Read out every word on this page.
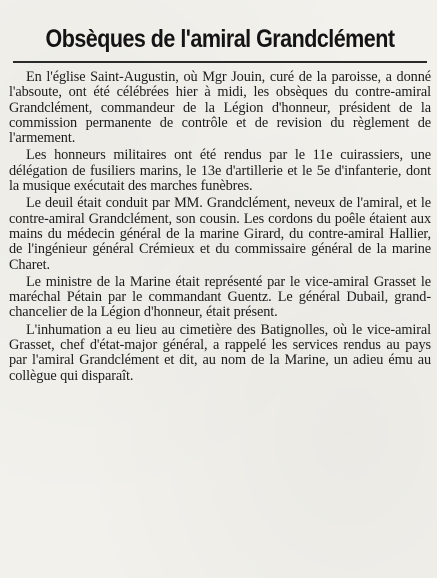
Obsèques de l'amiral Grandclément

En l'église Saint-Augustin, où Mgr Jouin, curé de la paroisse, a donné l'absoute, ont été célébrées hier à midi, les obsèques du contre-amiral Grandclément, commandeur de la Légion d'honneur, président de la commission permanente de contrôle et de revision du règlement de l'armement.

Les honneurs militaires ont été rendus par le 11e cuirassiers, une délégation de fusiliers marins, le 13e d'artillerie et le 5e d'infanterie, dont la musique exécutait des marches funèbres.

Le deuil était conduit par MM. Grandclément, neveux de l'amiral, et le contre-amiral Grandclément, son cousin. Les cordons du poêle étaient aux mains du médecin général de la marine Girard, du contre-amiral Hallier, de l'ingénieur général Crémieux et du commissaire général de la marine Charet.

Le ministre de la Marine était représenté par le vice-amiral Grasset le maréchal Pétain par le commandant Guentz. Le général Dubail, grand-chancelier de la Légion d'honneur, était présent.

L'inhumation a eu lieu au cimetière des Batignolles, où le vice-amiral Grasset, chef d'état-major général, a rappelé les services rendus au pays par l'amiral Grandclément et dit, au nom de la Marine, un adieu ému au collègue qui disparaît.
